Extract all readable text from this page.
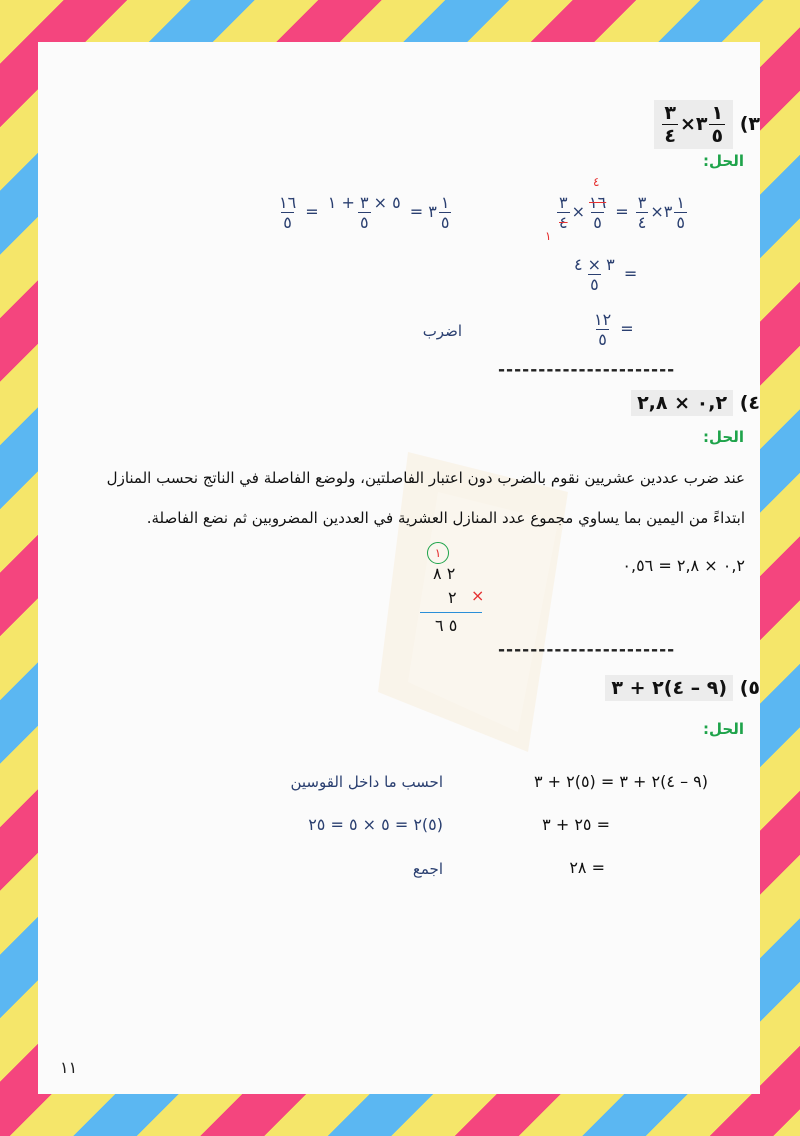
٣)
$\frac{٣}{٤}$ ×٣ $\frac{١}{٥}$
الحل:
$\frac{١٦}{٥} = \frac{٥ \times ٣ + ١}{٥}$ = ٣ $\frac{١}{٥}$	٣
٤
١
× ١٦
٥
٤
= $\frac{٣}{٤}$ ×٣ $\frac{١}{٥}$
$\frac{٣ \times ٤}{٥}$ =
$\frac{١٢}{٥}$ =
اضرب
----------------------
٤) ٠,٢ × ٢,٨
الحل:
عند ضرب عددين عشريين نقوم بالضرب دون اعتبار الفاصلتين، ولوضع الفاصلة في الناتج نحسب المنازل
ابتداءً من اليمين بما يساوي مجموع عدد المنازل العشرية في العددين المضروبين ثم نضع الفاصلة.
٠,٢ × ٢,٨ = ٠,٥٦
١
٢ ٨
٢ ×
٥ ٦
----------------------
٥) (٩ – ٤)٢ + ٣
الحل:
(٩ – ٤)٢ + ٣ = (٥)٢ + ٣
احسب ما داخل القوسين
= ٢٥ + ٣
(٥)٢ = ٥ × ٥ = ٢٥
= ٢٨
اجمع
١١
